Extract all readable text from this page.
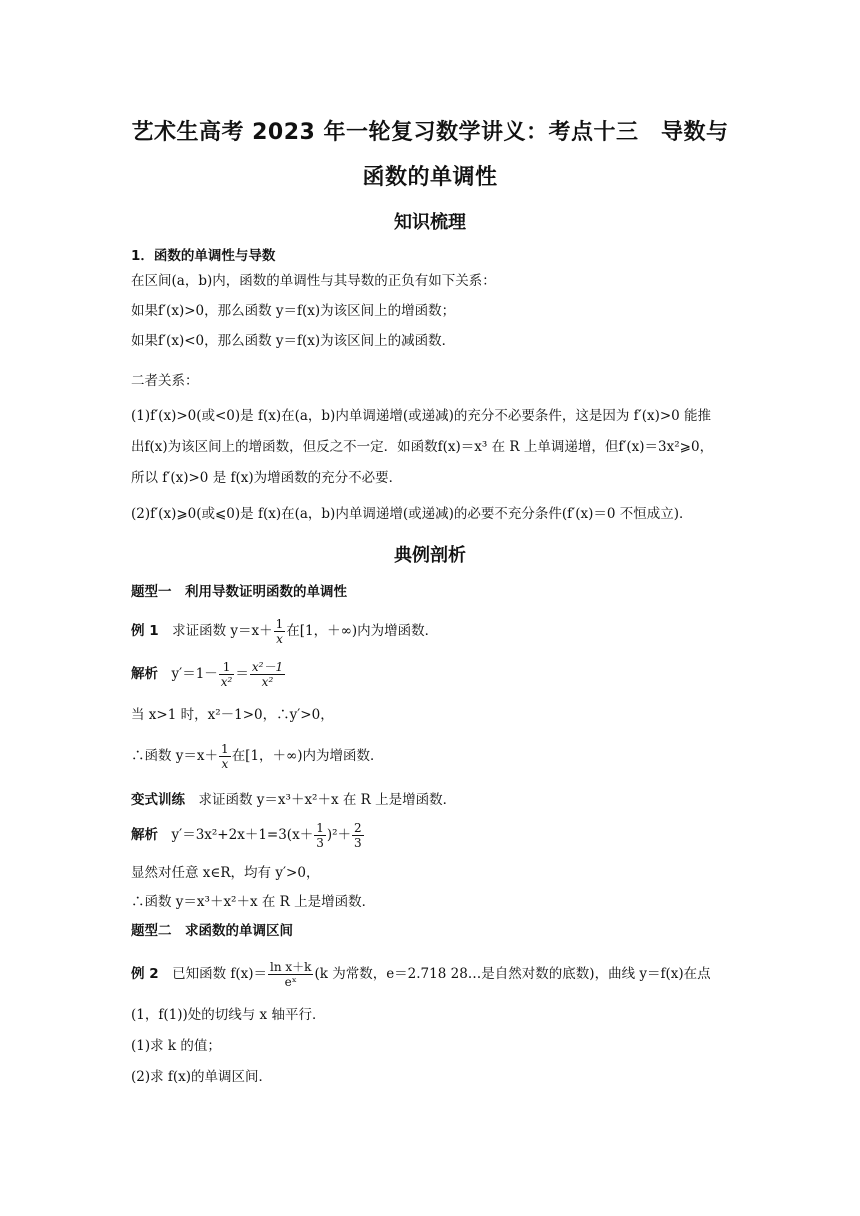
艺术生高考 2023 年一轮复习数学讲义：考点十三　导数与
函数的单调性
知识梳理
1．函数的单调性与导数
在区间(a，b)内，函数的单调性与其导数的正负有如下关系：
如果f′(x)>0，那么函数 y＝f(x)为该区间上的增函数；
如果f′(x)<0，那么函数 y＝f(x)为该区间上的减函数．
二者关系：
(1)f′(x)>0(或<0)是 f(x)在(a，b)内单调递增(或递减)的充分不必要条件，这是因为 f′(x)>0 能推
出f(x)为该区间上的增函数，但反之不一定．如函数f(x)＝x³ 在 R 上单调递增，但f′(x)＝3x²⩾0，
所以 f′(x)>0 是 f(x)为增函数的充分不必要．
(2)f′(x)⩾0(或⩽0)是 f(x)在(a，b)内单调递增(或递减)的必要不充分条件(f′(x)＝0 不恒成立)．
典例剖析
题型一　利用导数证明函数的单调性
例 1　求证函数 $y=x+ \frac{1}{x}$ 在[1，＋∞)内为增函数．
解析　$y'=1- \frac{1}{\text{x²}} = \frac{\text{x²－1}}{\text{x²}}$
当 x>1 时，x²－1>0，∴y′>0，
∴函数 $y=x+ \frac{1}{x}$ 在[1，＋∞)内为增函数．
变式训练　求证函数 y＝x³＋x²＋x 在 R 上是增函数．
解析　$y'=3x^2+2x+1=3(x+ \frac{1}{3} )^2+ \frac{2}{3}$
显然对任意 x∈R，均有 y′>0，
∴函数 y＝x³＋x²＋x 在 R 上是增函数．
题型二　求函数的单调区间
例 2　已知函数 $f(x)= \frac{\text{ln x＋k}}{\text{eˣ}} (k$ 为常数，e＝2.718 28…是自然对数的底数)，曲线 y＝f(x)在点
(1，f(1))处的切线与 x 轴平行．
(1)求 k 的值；
(2)求 f(x)的单调区间．
